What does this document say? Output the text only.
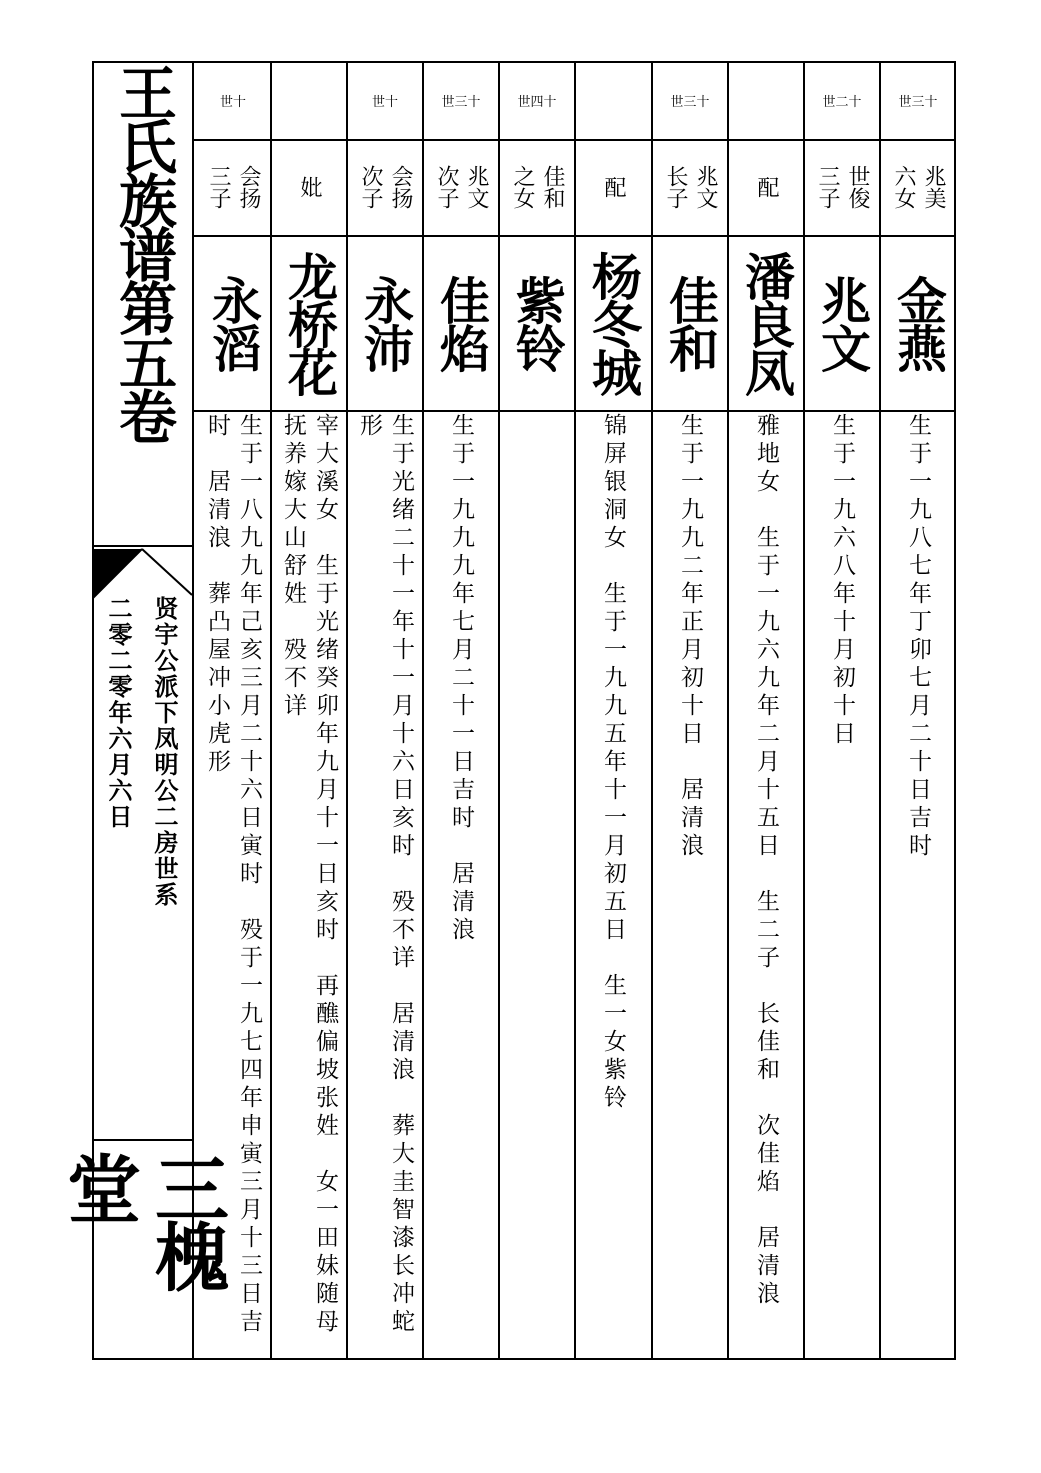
王氏族谱第五卷
贤宇公派下凤明公二房世系
二零二零年六月六日
三槐堂
世三十
兆美
六女
金燕
生于一九八七年丁卯七月二十日吉时
世二十
世俊
三子
兆文
生于一九六八年十月初十日
配
潘良凤
雅地女　生于一九六九年二月十五日　生二子　长佳和　次佳焰　居清浪
世三十
兆文
长子
佳和
生于一九九二年正月初十日　居清浪
配
杨冬城
锦屏银洞女　生于一九九五年十一月初五日　生一女紫铃
世四十
佳和
之女
紫铃
世三十
兆文
次子
佳焰
生于一九九九年七月二十一日吉时　居清浪
世十
会扬
次子
永沛
生于光绪二十一年十一月十六日亥时　殁不详　居清浪　葬大圭智漆长冲蛇
形
妣
龙桥花
宰大溪女　生于光绪癸卯年九月十一日亥时　再醮偏坡张姓　女一田妹随母
抚养嫁大山舒姓　殁不详
世十
会扬
三子
永滔
生于一八九九年己亥三月二十六日寅时　殁于一九七四年申寅三月十三日吉
时　居清浪　葬凸屋冲小虎形
